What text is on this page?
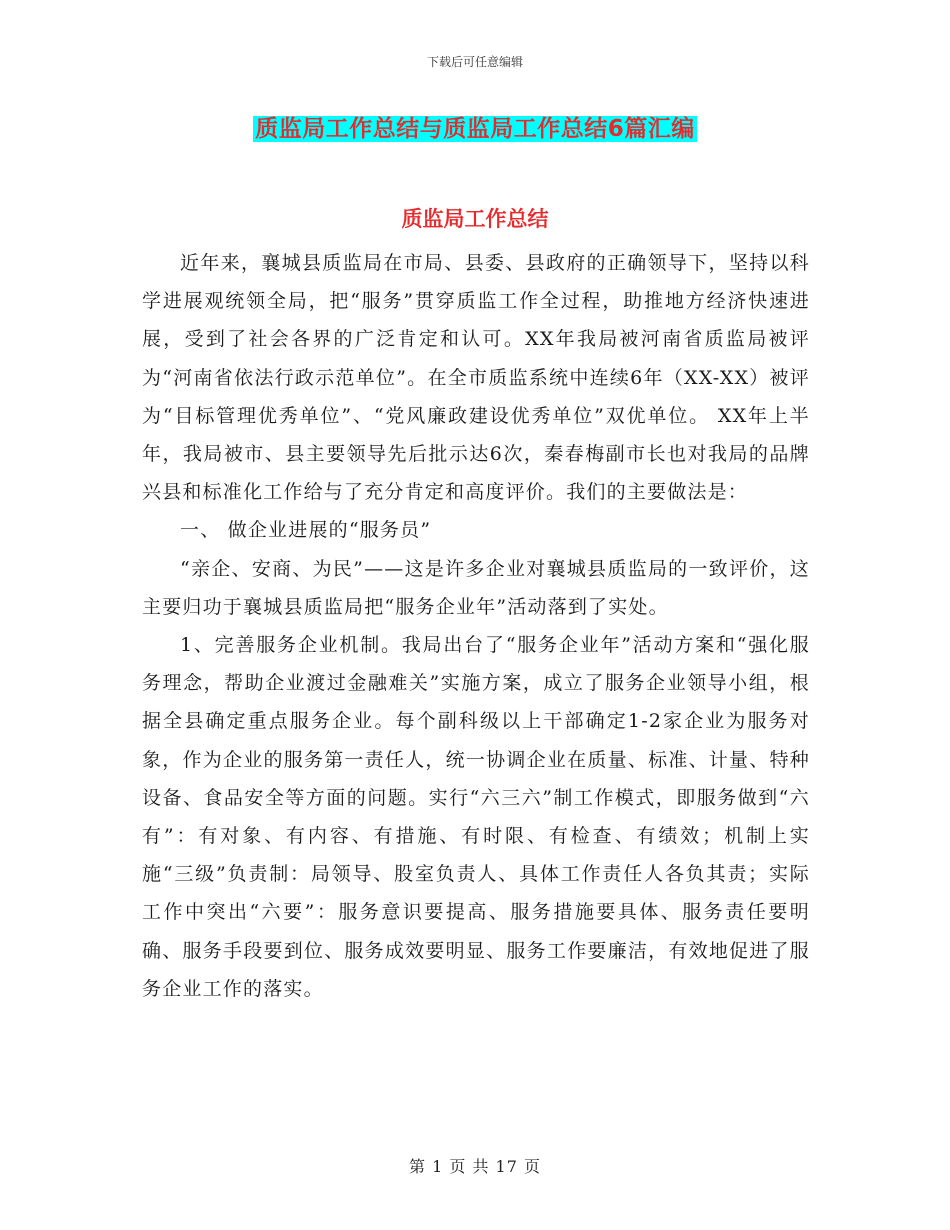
下载后可任意编辑
质监局工作总结与质监局工作总结6篇汇编
质监局工作总结

近年来，襄城县质监局在市局、县委、县政府的正确领导下，坚持以科学进展观统领全局，把“服务”贯穿质监工作全过程，助推地方经济快速进展，受到了社会各界的广泛肯定和认可。XX年我局被河南省质监局被评为“河南省依法行政示范单位”。在全市质监系统中连续6年（XX-XX）被评为“目标管理优秀单位”、“党风廉政建设优秀单位”双优单位。 XX年上半年，我局被市、县主要领导先后批示达6次，秦春梅副市长也对我局的品牌兴县和标准化工作给与了充分肯定和高度评价。我们的主要做法是：

一、 做企业进展的“服务员”

“亲企、安商、为民”——这是许多企业对襄城县质监局的一致评价，这主要归功于襄城县质监局把“服务企业年”活动落到了实处。

1、完善服务企业机制。我局出台了“服务企业年”活动方案和“强化服务理念，帮助企业渡过金融难关”实施方案，成立了服务企业领导小组，根据全县确定重点服务企业。每个副科级以上干部确定1-2家企业为服务对象，作为企业的服务第一责任人，统一协调企业在质量、标准、计量、特种设备、食品安全等方面的问题。实行“六三六”制工作模式，即服务做到“六有”：有对象、有内容、有措施、有时限、有检查、有绩效；机制上实施“三级”负责制：局领导、股室负责人、具体工作责任人各负其责；实际工作中突出“六要”：服务意识要提高、服务措施要具体、服务责任要明确、服务手段要到位、服务成效要明显、服务工作要廉洁，有效地促进了服务企业工作的落实。

第 1 页 共 17 页
